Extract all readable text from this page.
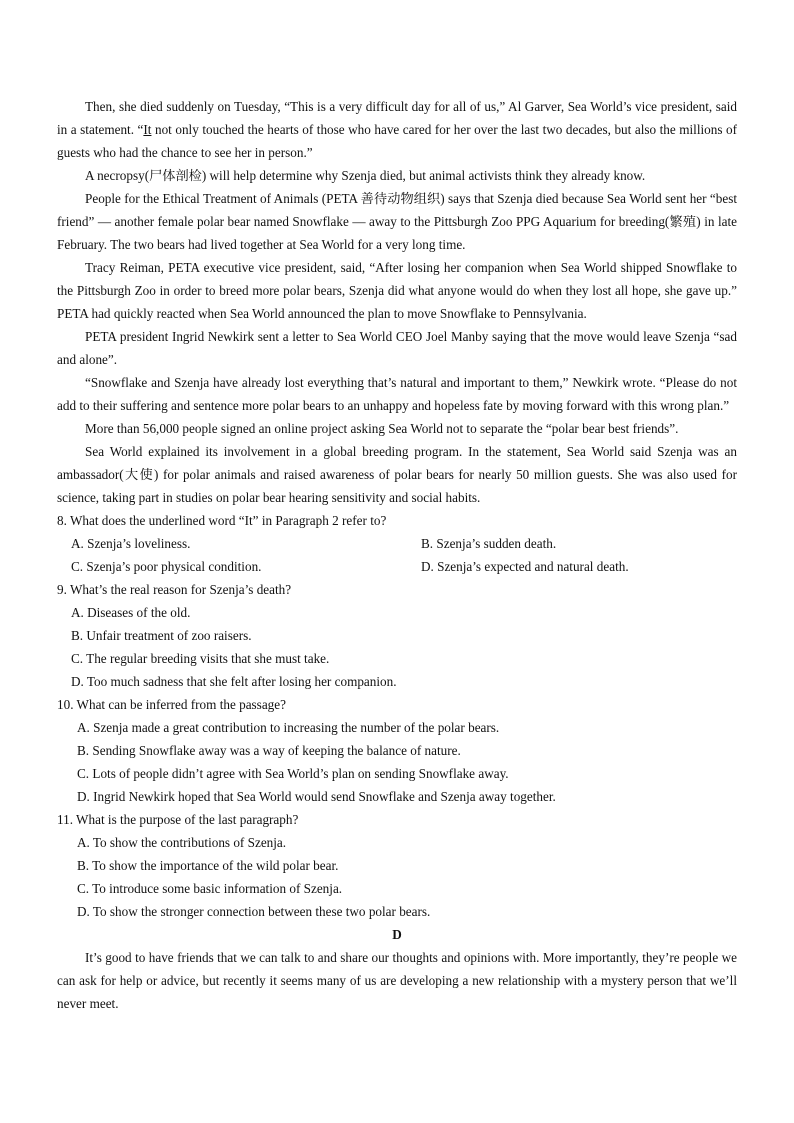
Then, she died suddenly on Tuesday, “This is a very difficult day for all of us,” Al Garver, Sea World’s vice president, said in a statement. “It not only touched the hearts of those who have cared for her over the last two decades, but also the millions of guests who had the chance to see her in person.”

A necropsy(尸体剖检) will help determine why Szenja died, but animal activists think they already know.

People for the Ethical Treatment of Animals (PETA 善待动物组织) says that Szenja died because Sea World sent her “best friend” — another female polar bear named Snowflake — away to the Pittsburgh Zoo PPG Aquarium for breeding(繁殖) in late February. The two bears had lived together at Sea World for a very long time.

Tracy Reiman, PETA executive vice president, said, “After losing her companion when Sea World shipped Snowflake to the Pittsburgh Zoo in order to breed more polar bears, Szenja did what anyone would do when they lost all hope, she gave up.” PETA had quickly reacted when Sea World announced the plan to move Snowflake to Pennsylvania.

PETA president Ingrid Newkirk sent a letter to Sea World CEO Joel Manby saying that the move would leave Szenja “sad and alone”.

“Snowflake and Szenja have already lost everything that’s natural and important to them,” Newkirk wrote. “Please do not add to their suffering and sentence more polar bears to an unhappy and hopeless fate by moving forward with this wrong plan.”

More than 56,000 people signed an online project asking Sea World not to separate the “polar bear best friends”.

Sea World explained its involvement in a global breeding program. In the statement, Sea World said Szenja was an ambassador(大使) for polar animals and raised awareness of polar bears for nearly 50 million guests. She was also used for science, taking part in studies on polar bear hearing sensitivity and social habits.

8. What does the underlined word “It” in Paragraph 2 refer to?

A. Szenja’s loveliness.	B. Szenja’s sudden death.
C. Szenja’s poor physical condition.	D. Szenja’s expected and natural death.

9. What’s the real reason for Szenja’s death?

A. Diseases of the old.

B. Unfair treatment of zoo raisers.

C. The regular breeding visits that she must take.

D. Too much sadness that she felt after losing her companion.

10. What can be inferred from the passage?

A. Szenja made a great contribution to increasing the number of the polar bears.

B. Sending Snowflake away was a way of keeping the balance of nature.

C. Lots of people didn’t agree with Sea World’s plan on sending Snowflake away.

D. Ingrid Newkirk hoped that Sea World would send Snowflake and Szenja away together.

11. What is the purpose of the last paragraph?

A. To show the contributions of Szenja.

B. To show the importance of the wild polar bear.

C. To introduce some basic information of Szenja.

D. To show the stronger connection between these two polar bears.

D

It’s good to have friends that we can talk to and share our thoughts and opinions with. More importantly, they’re people we can ask for help or advice, but recently it seems many of us are developing a new relationship with a mystery person that we’ll never meet.
